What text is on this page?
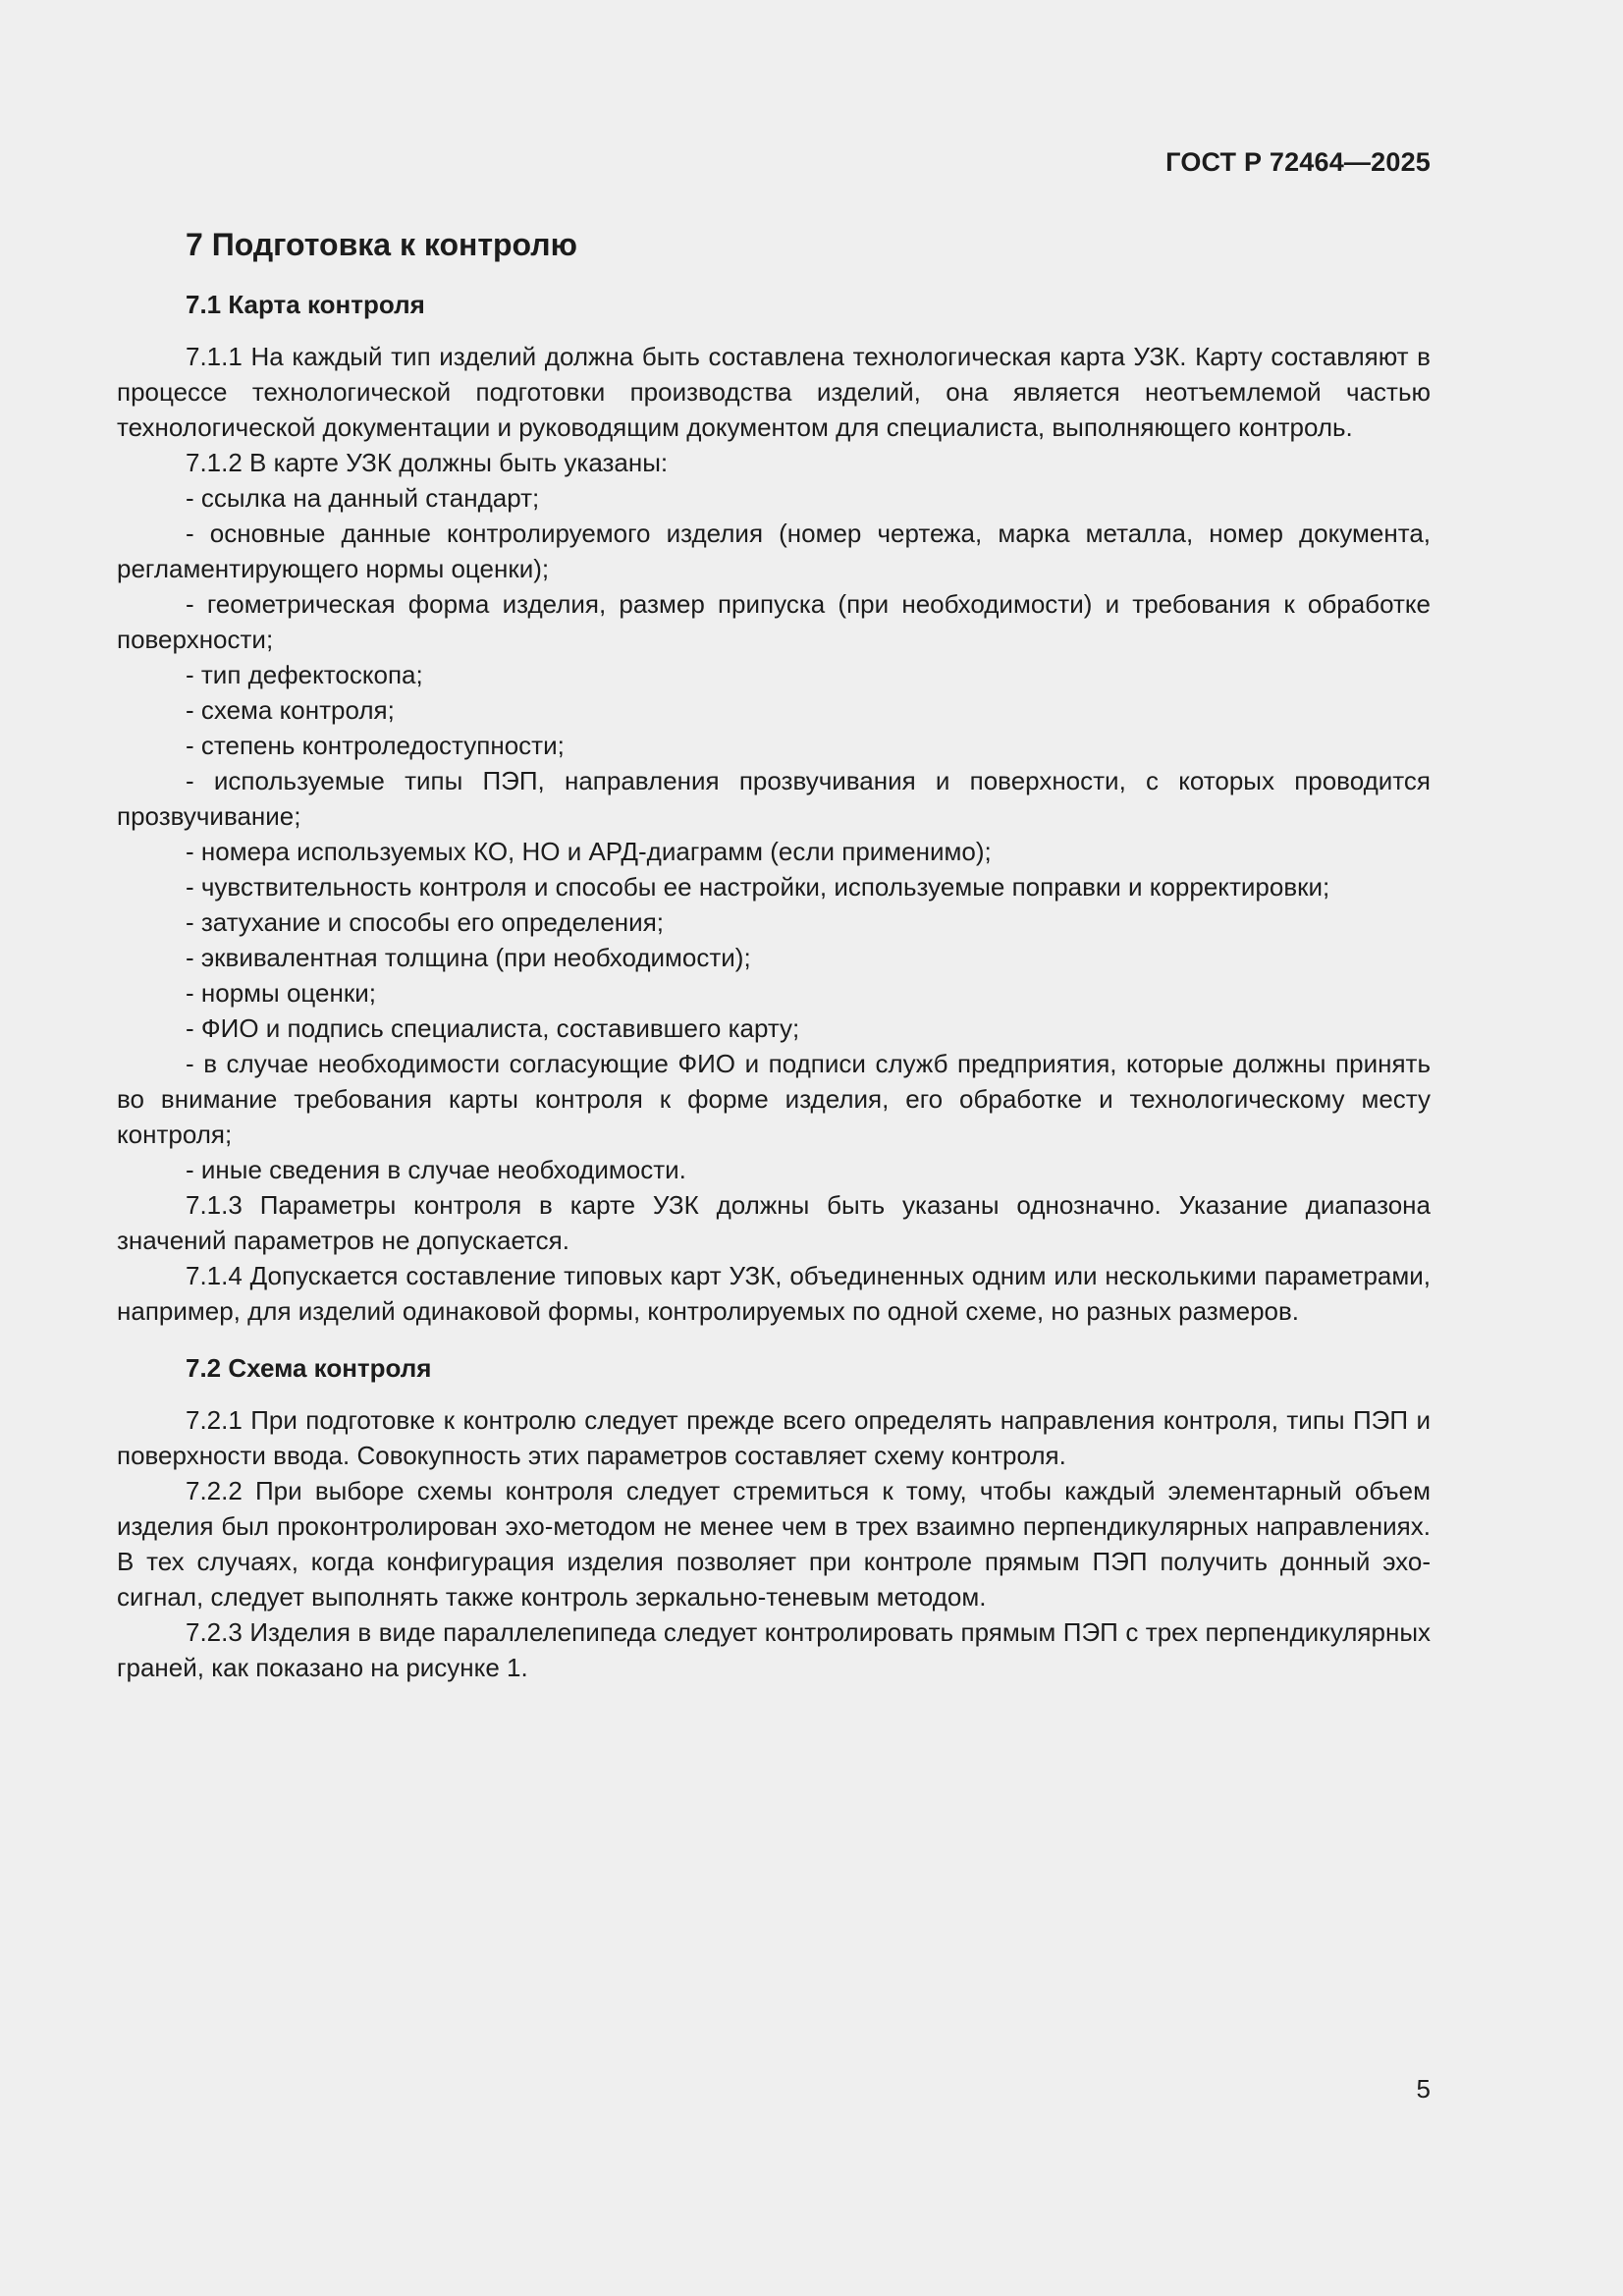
ГОСТ Р 72464—2025
7 Подготовка к контролю
7.1 Карта контроля

7.1.1 На каждый тип изделий должна быть составлена технологическая карта УЗК. Карту составляют в процессе технологической подготовки производства изделий, она является неотъемлемой частью технологической документации и руководящим документом для специалиста, выполняющего контроль.

7.1.2 В карте УЗК должны быть указаны:

- ссылка на данный стандарт;

- основные данные контролируемого изделия (номер чертежа, марка металла, номер документа, регламентирующего нормы оценки);

- геометрическая форма изделия, размер припуска (при необходимости) и требования к обработке поверхности;

- тип дефектоскопа;

- схема контроля;

- степень контроледоступности;

- используемые типы ПЭП, направления прозвучивания и поверхности, с которых проводится прозвучивание;

- номера используемых КО, НО и АРД-диаграмм (если применимо);

- чувствительность контроля и способы ее настройки, используемые поправки и корректировки;

- затухание и способы его определения;

- эквивалентная толщина (при необходимости);

- нормы оценки;

- ФИО и подпись специалиста, составившего карту;

- в случае необходимости согласующие ФИО и подписи служб предприятия, которые должны принять во внимание требования карты контроля к форме изделия, его обработке и технологическому месту контроля;

- иные сведения в случае необходимости.

7.1.3 Параметры контроля в карте УЗК должны быть указаны однозначно. Указание диапазона значений параметров не допускается.

7.1.4 Допускается составление типовых карт УЗК, объединенных одним или несколькими параметрами, например, для изделий одинаковой формы, контролируемых по одной схеме, но разных размеров.

7.2 Схема контроля

7.2.1 При подготовке к контролю следует прежде всего определять направления контроля, типы ПЭП и поверхности ввода. Совокупность этих параметров составляет схему контроля.

7.2.2 При выборе схемы контроля следует стремиться к тому, чтобы каждый элементарный объем изделия был проконтролирован эхо-методом не менее чем в трех взаимно перпендикулярных направлениях. В тех случаях, когда конфигурация изделия позволяет при контроле прямым ПЭП получить донный эхо-сигнал, следует выполнять также контроль зеркально-теневым методом.

7.2.3 Изделия в виде параллелепипеда следует контролировать прямым ПЭП с трех перпендикулярных граней, как показано на рисунке 1.

5
